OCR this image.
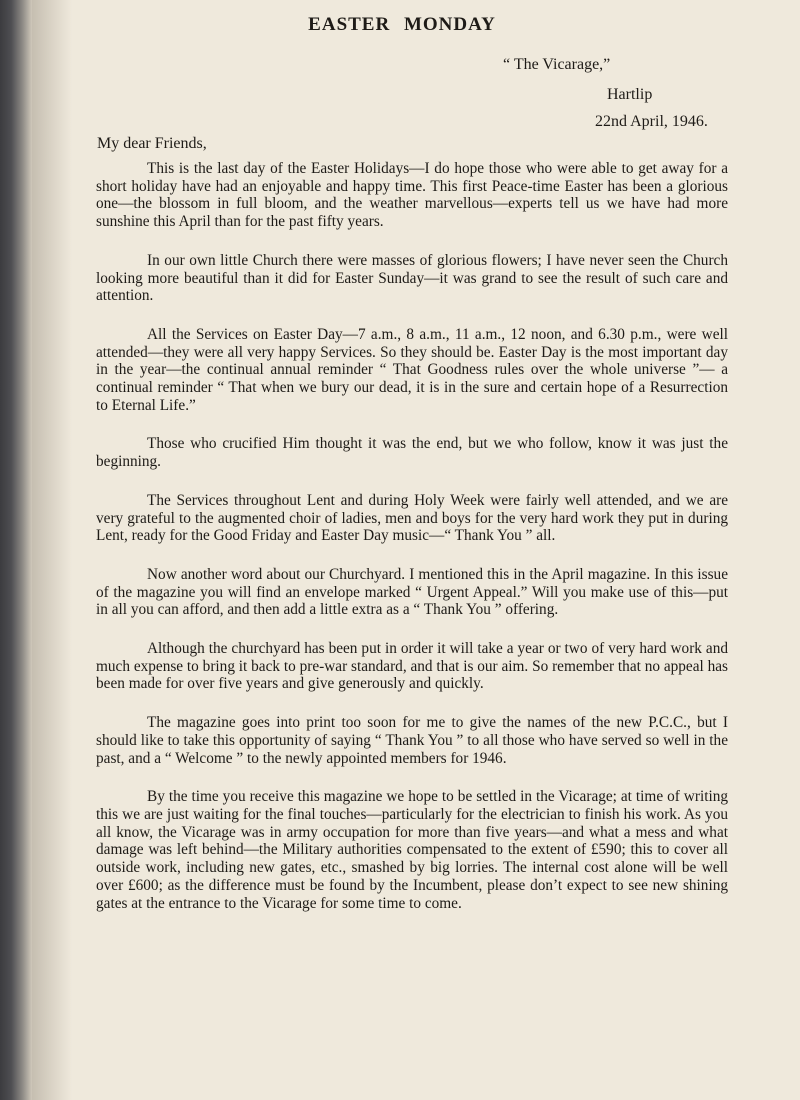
EASTER MONDAY
“ The Vicarage,”
Hartlip
22nd April, 1946.
My dear Friends,

This is the last day of the Easter Holidays—I do hope those who were able to get away for a short holiday have had an enjoyable and happy time. This first Peace-time Easter has been a glorious one—the blossom in full bloom, and the weather marvellous—experts tell us we have had more sunshine this April than for the past fifty years.

In our own little Church there were masses of glorious flowers; I have never seen the Church looking more beautiful than it did for Easter Sunday—it was grand to see the result of such care and attention.

All the Services on Easter Day—7 a.m., 8 a.m., 11 a.m., 12 noon, and 6.30 p.m., were well attended—they were all very happy Services. So they should be. Easter Day is the most important day in the year—the continual annual reminder “ That Goodness rules over the whole universe ”— a continual reminder “ That when we bury our dead, it is in the sure and certain hope of a Resurrection to Eternal Life.”

Those who crucified Him thought it was the end, but we who follow, know it was just the beginning.

The Services throughout Lent and during Holy Week were fairly well attended, and we are very grateful to the augmented choir of ladies, men and boys for the very hard work they put in during Lent, ready for the Good Friday and Easter Day music—“ Thank You ” all.

Now another word about our Churchyard. I mentioned this in the April magazine. In this issue of the magazine you will find an envelope marked “ Urgent Appeal.” Will you make use of this—put in all you can afford, and then add a little extra as a “ Thank You ” offering.

Although the churchyard has been put in order it will take a year or two of very hard work and much expense to bring it back to pre-war standard, and that is our aim. So remember that no appeal has been made for over five years and give generously and quickly.

The magazine goes into print too soon for me to give the names of the new P.C.C., but I should like to take this opportunity of saying “ Thank You ” to all those who have served so well in the past, and a “ Welcome ” to the newly appointed members for 1946.

By the time you receive this magazine we hope to be settled in the Vicarage; at time of writing this we are just waiting for the final touches—particularly for the electrician to finish his work. As you all know, the Vicarage was in army occupation for more than five years—and what a mess and what damage was left behind—the Military authorities compensated to the extent of £590; this to cover all outside work, including new gates, etc., smashed by big lorries. The internal cost alone will be well over £600; as the difference must be found by the Incumbent, please don’t expect to see new shining gates at the entrance to the Vicarage for some time to come.
